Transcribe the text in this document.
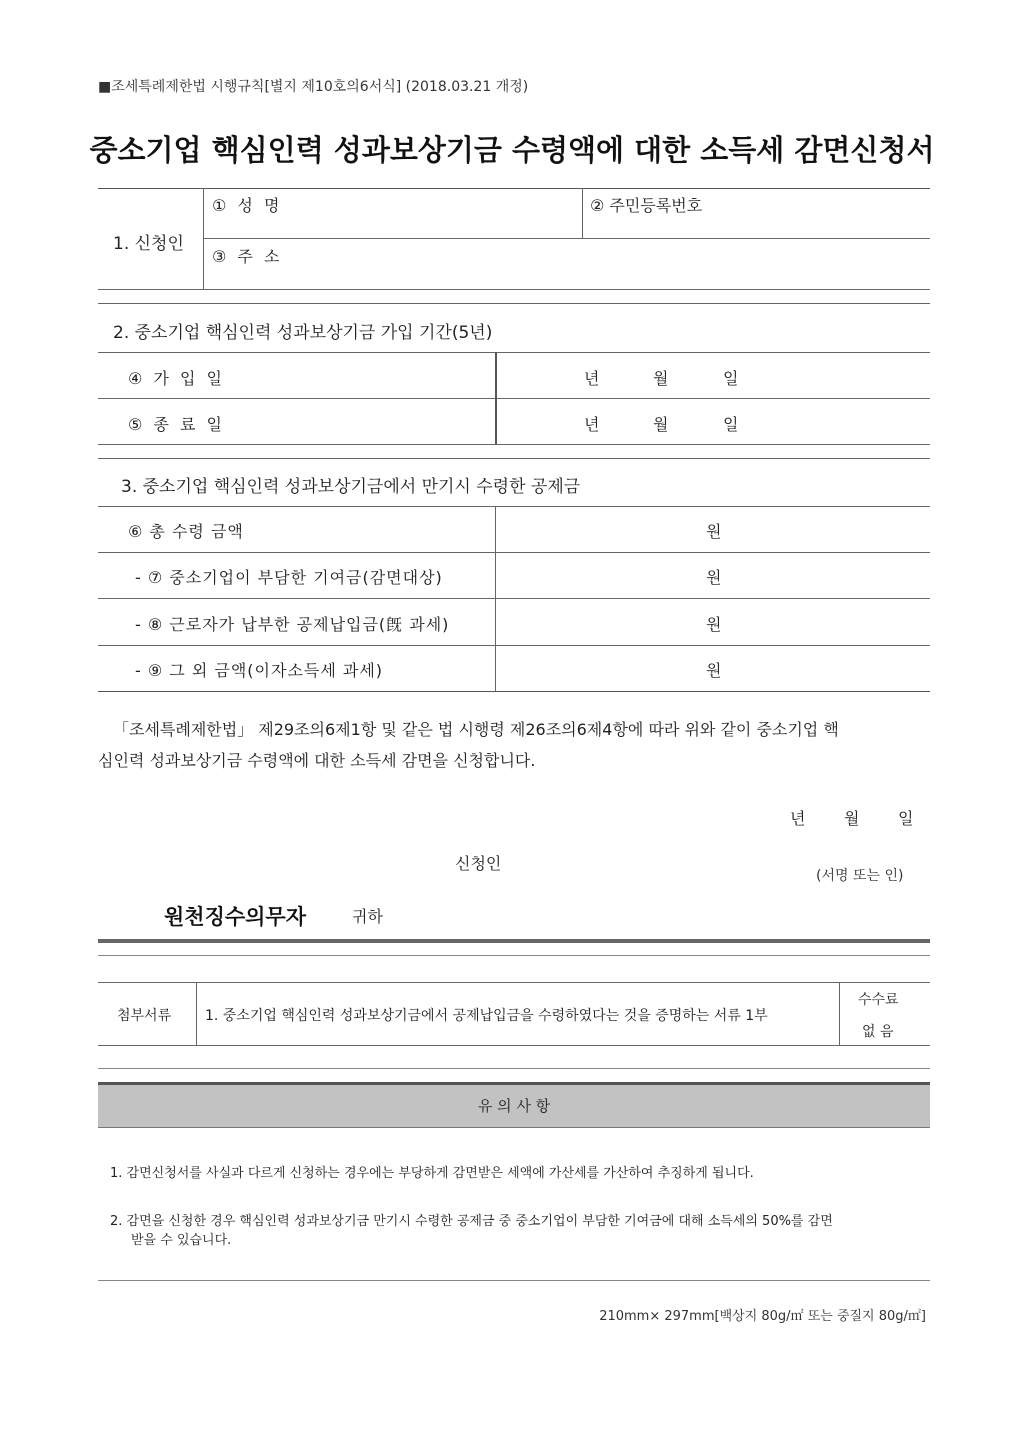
■조세특례제한법 시행규칙[별지 제10호의6서식] (2018.03.21 개정)
중소기업 핵심인력 성과보상기금 수령액에 대한 소득세 감면신청서
1. 신청인
① 성 명	② 주민등록번호
③ 주 소
2. 중소기업 핵심인력 성과보상기금 가입 기간(5년)
④ 가 입 일	년	월	일
⑤ 종 료 일	년	월	일
3. 중소기업 핵심인력 성과보상기금에서 만기시 수령한 공제금
⑥ 총 수령 금액	원
- ⑦ 중소기업이 부담한 기여금(감면대상)	원
- ⑧ 근로자가 납부한 공제납입금(旣 과세)	원
- ⑨ 그 외 금액(이자소득세 과세)	원
「조세특례제한법」 제29조의6제1항 및 같은 법 시행령 제26조의6제4항에 따라 위와 같이 중소기업 핵
심인력 성과보상기금 수령액에 대한 소득세 감면을 신청합니다.
년 월 일
신청인
(서명 또는 인)
원천징수의무자	귀하
첨부서류 1. 중소기업 핵심인력 성과보상기금에서 공제납입금을 수령하였다는 것을 증명하는 서류 1부
수수료
없 음
유 의 사 항
1. 감면신청서를 사실과 다르게 신청하는 경우에는 부당하게 감면받은 세액에 가산세를 가산하여 추징하게 됩니다.
2. 감면을 신청한 경우 핵심인력 성과보상기금 만기시 수령한 공제금 중 중소기업이 부담한 기여금에 대해 소득세의 50%를 감면
받을 수 있습니다.
210mm× 297mm[백상지 80g/㎡ 또는 중질지 80g/㎡]
